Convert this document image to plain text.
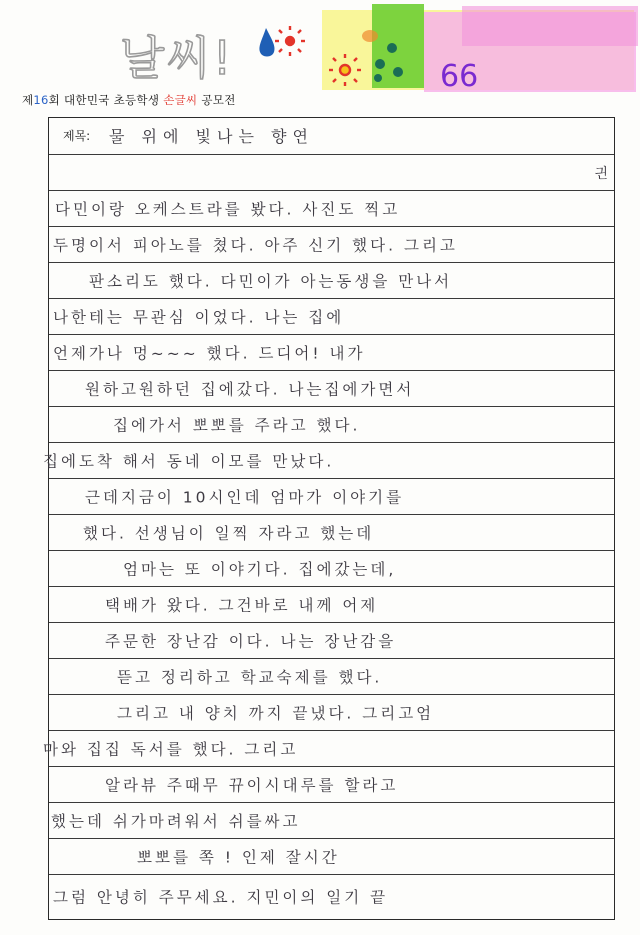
날씨!	66
제16회 대한민국 초등학생 손글씨 공모전
제목: 물 위에 빛나는 향연
긘
다민이랑 오케스트라를 봤다. 사진도 찍고
두명이서 피아노를 쳤다. 아주 신기 했다. 그리고
판소리도 했다. 다민이가 아는동생을 만나서
나한테는 무관심 이었다. 나는 집에
언제가나 멍~~~ 했다. 드디어! 내가
원하고원하던 집에갔다. 나는집에가면서
집에가서 뽀뽀를 주라고 했다.
집에도착 해서 동네 이모를 만났다.
근데지금이 10시인데 엄마가 이야기를
했다. 선생님이 일찍 자라고 했는데
엄마는 또 이야기다. 집에갔는데,
택배가 왔다. 그건바로 내께 어제
주문한 장난감 이다. 나는 장난감을
뜯고 정리하고 학교숙제를 했다.
그리고 내 양치 까지 끝냈다. 그리고엄
마와 집집 독서를 했다. 그리고
알라뷰 주때무 뀨이시대루를 할라고
했는데 쉬가마려워서 쉬를싸고
뽀뽀를 쪽 ! 인제 잘시간
그럼 안녕히 주무세요. 지민이의 일기 끝
